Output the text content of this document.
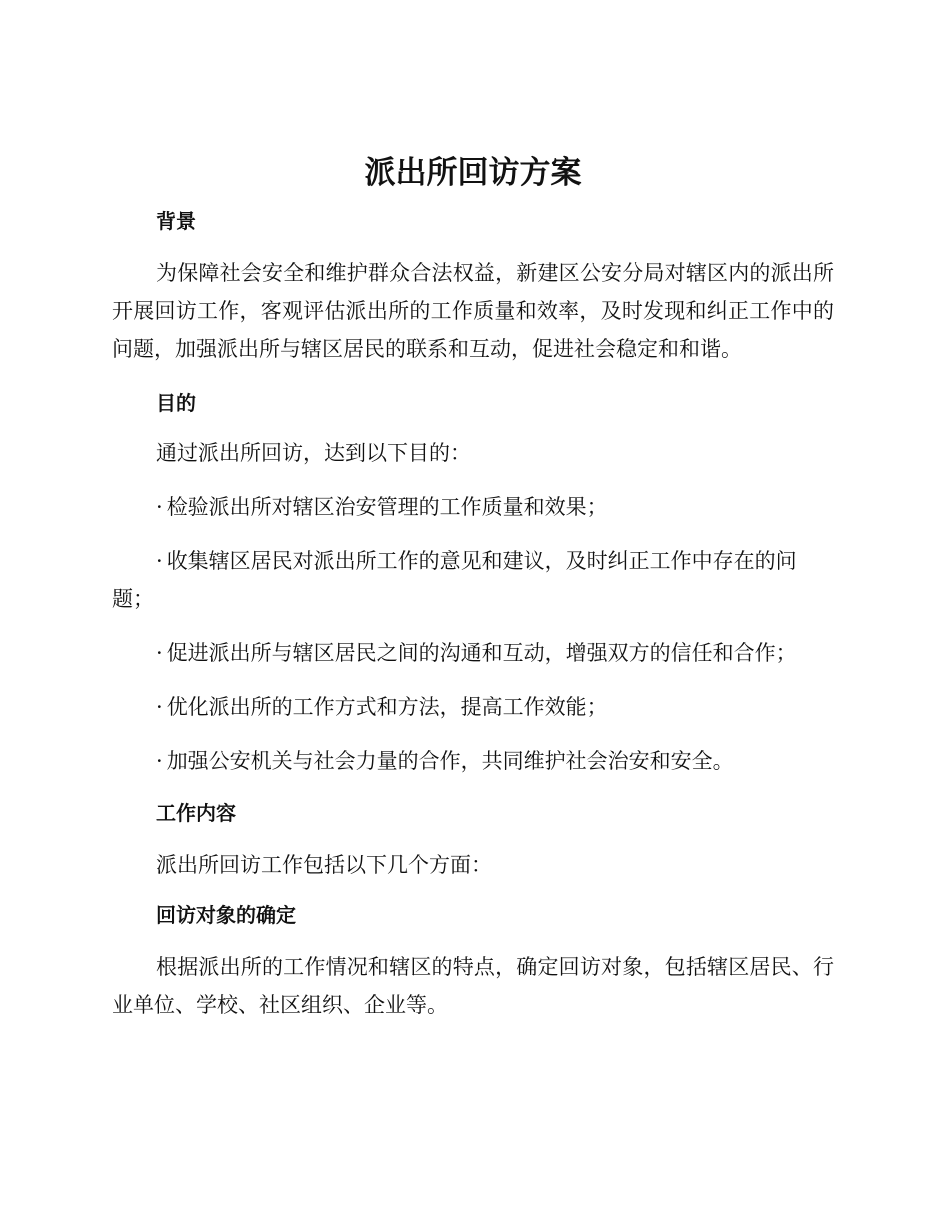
派出所回访方案
背景

为保障社会安全和维护群众合法权益，新建区公安分局对辖区内的派出所开展回访工作，客观评估派出所的工作质量和效率，及时发现和纠正工作中的问题，加强派出所与辖区居民的联系和互动，促进社会稳定和和谐。

目的

通过派出所回访，达到以下目的：

· 检验派出所对辖区治安管理的工作质量和效果；

· 收集辖区居民对派出所工作的意见和建议，及时纠正工作中存在的问题；

· 促进派出所与辖区居民之间的沟通和互动，增强双方的信任和合作；

· 优化派出所的工作方式和方法，提高工作效能；

· 加强公安机关与社会力量的合作，共同维护社会治安和安全。

工作内容

派出所回访工作包括以下几个方面：

回访对象的确定

根据派出所的工作情况和辖区的特点，确定回访对象，包括辖区居民、行业单位、学校、社区组织、企业等。
